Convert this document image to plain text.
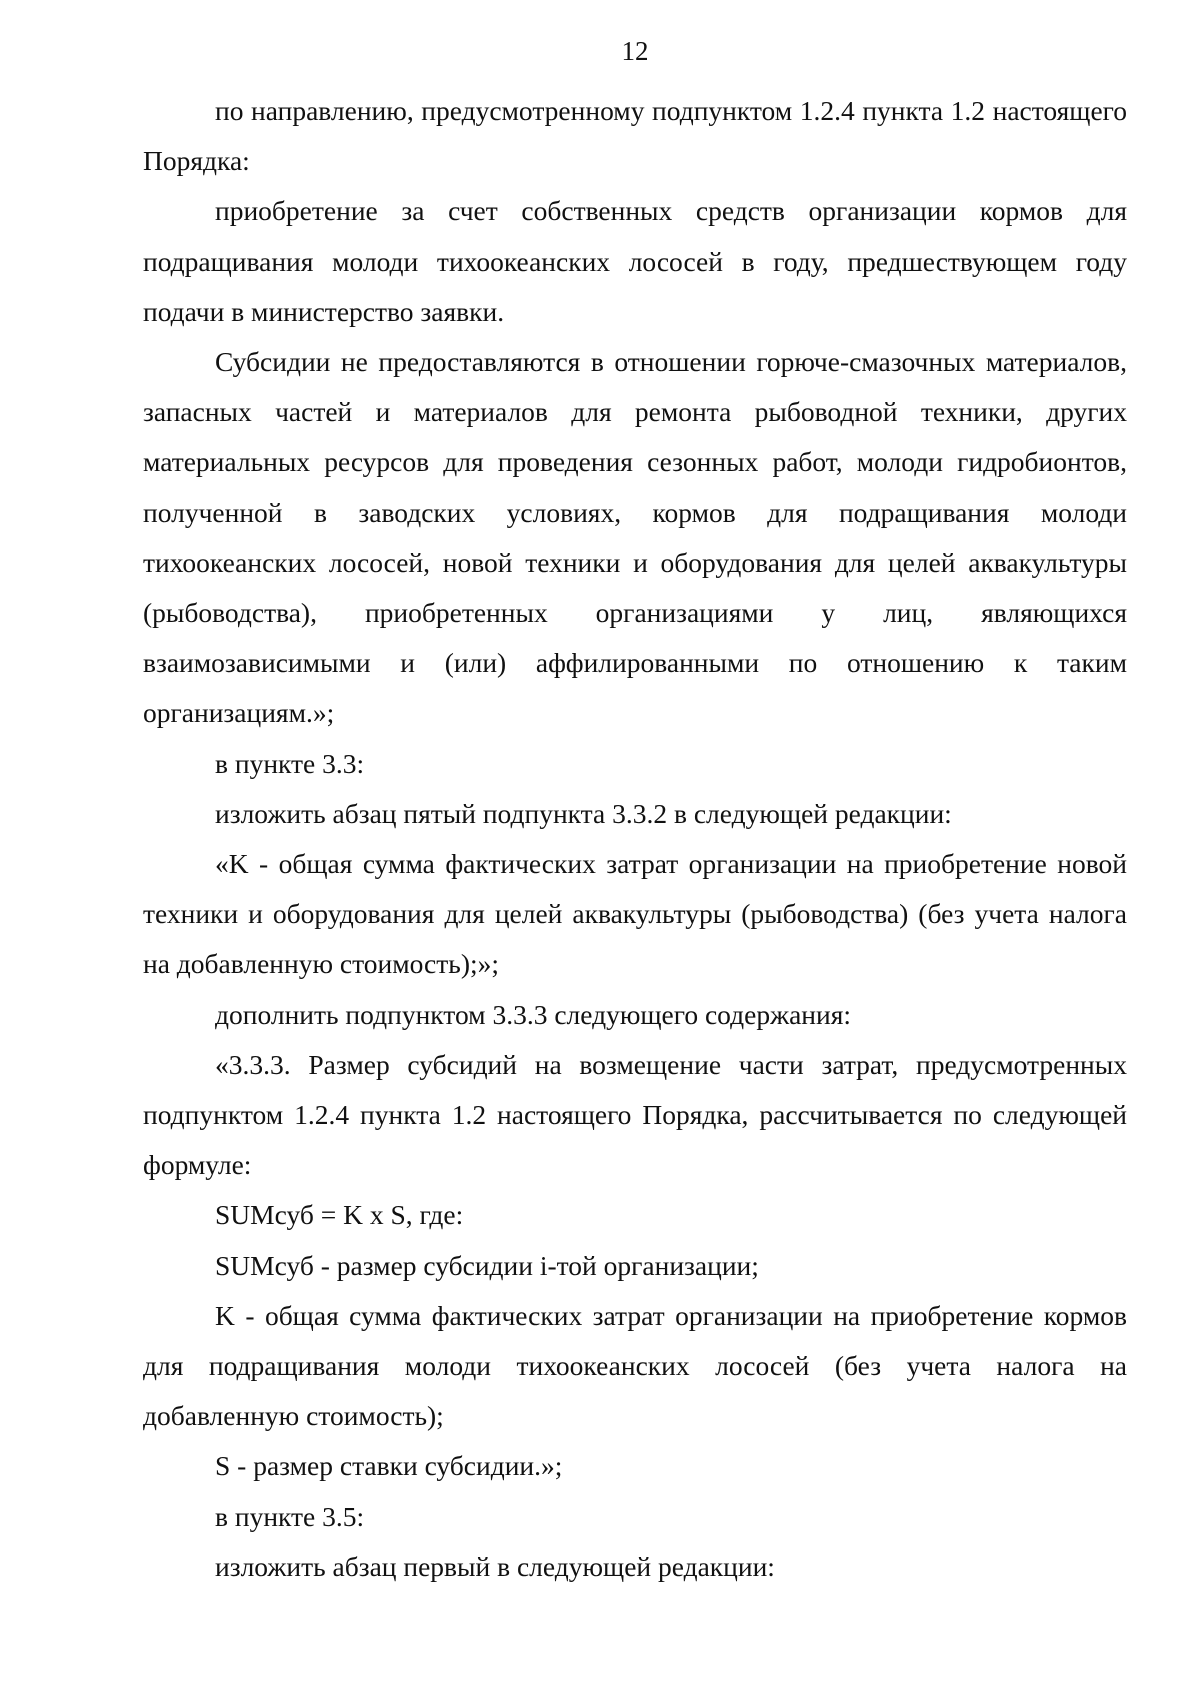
12

по направлению, предусмотренному подпунктом 1.2.4 пункта 1.2 настоящего Порядка:

приобретение за счет собственных средств организации кормов для подращивания молоди тихоокеанских лососей в году, предшествующем году подачи в министерство заявки.

Субсидии не предоставляются в отношении горюче-смазочных материалов, запасных частей и материалов для ремонта рыбоводной техники, других материальных ресурсов для проведения сезонных работ, молоди гидробионтов, полученной в заводских условиях, кормов для подращивания молоди тихоокеанских лососей, новой техники и оборудования для целей аквакультуры (рыбоводства), приобретенных организациями у лиц, являющихся взаимозависимыми и (или) аффилированными по отношению к таким организациям.»;

в пункте 3.3:

изложить абзац пятый подпункта 3.3.2 в следующей редакции:

«K - общая сумма фактических затрат организации на приобретение новой техники и оборудования для целей аквакультуры (рыбоводства) (без учета налога на добавленную стоимость);»;

дополнить подпунктом 3.3.3 следующего содержания:

«3.3.3. Размер субсидий на возмещение части затрат, предусмотренных подпунктом 1.2.4 пункта 1.2 настоящего Порядка, рассчитывается по следующей формуле:

SUMсуб = K x S, где:

SUMсуб - размер субсидии i-той организации;

K - общая сумма фактических затрат организации на приобретение кормов для подращивания молоди тихоокеанских лососей (без учета налога на добавленную стоимость);

S - размер ставки субсидии.»;

в пункте 3.5:

изложить абзац первый в следующей редакции:
